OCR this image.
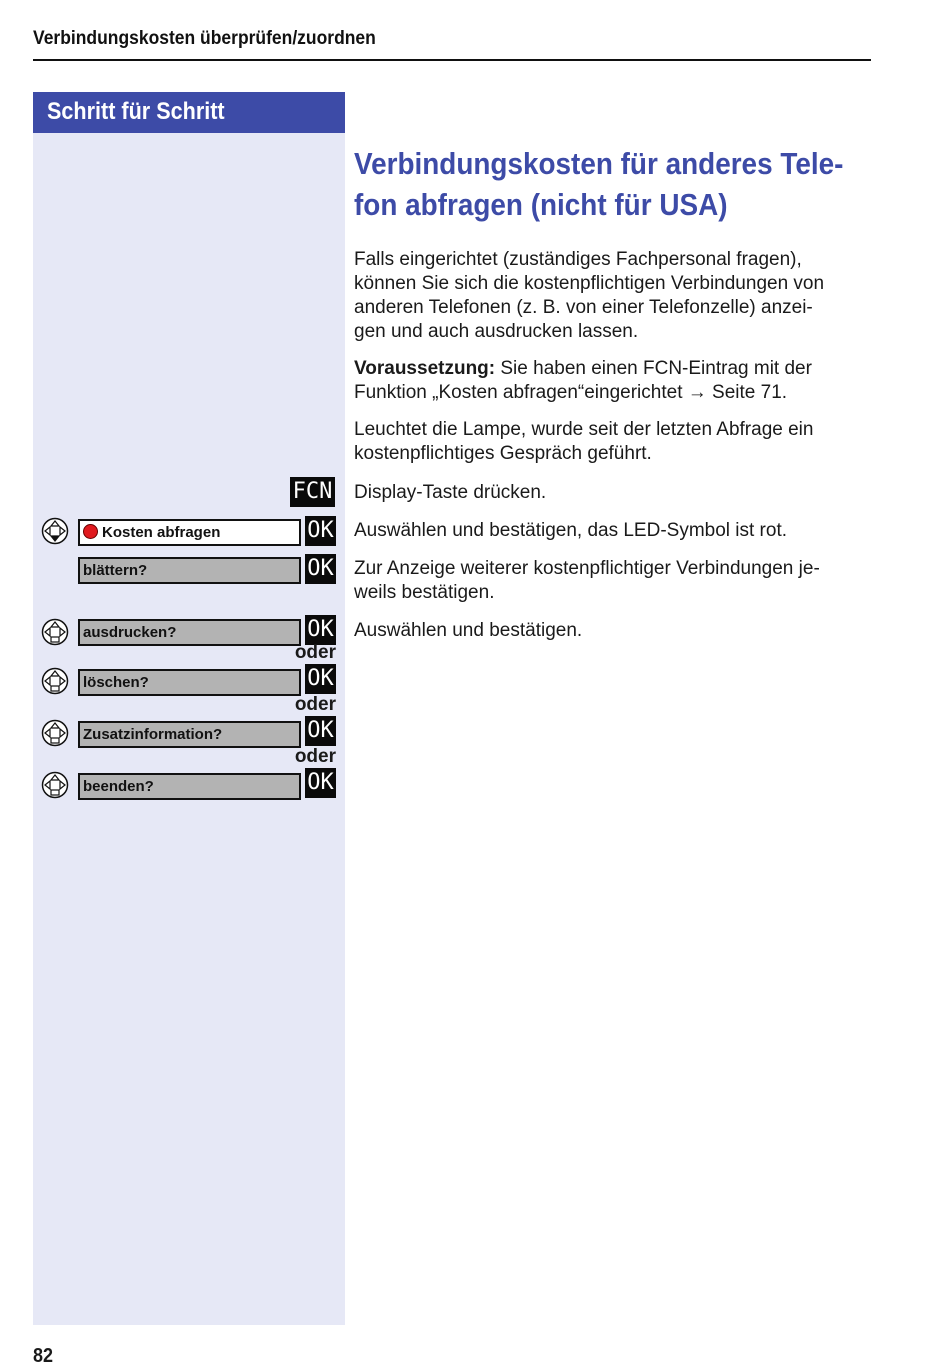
Verbindungskosten überprüfen/zuordnen
Schritt für Schritt
Verbindungskosten für anderes Tele-
fon abfragen (nicht für USA)
Falls eingerichtet (zuständiges Fachpersonal fragen),
können Sie sich die kostenpflichtigen Verbindungen von
anderen Telefonen (z. B. von einer Telefonzelle) anzei-
gen und auch ausdrucken lassen.
Voraussetzung: Sie haben einen FCN-Eintrag mit der
Funktion „Kosten abfragen“eingerichtet → Seite 71.
Leuchtet die Lampe, wurde seit der letzten Abfrage ein
kostenpflichtiges Gespräch geführt.
FCN Display-Taste drücken.
Kosten abfragen	OK Auswählen und bestätigen, das LED-Symbol ist rot.
blättern?	OK Zur Anzeige weiterer kostenpflichtiger Verbindungen je-
weils bestätigen.
ausdrucken?	OK Auswählen und bestätigen.
oder
löschen?	OK
oder
Zusatzinformation?	OK
oder
beenden?	OK
82
